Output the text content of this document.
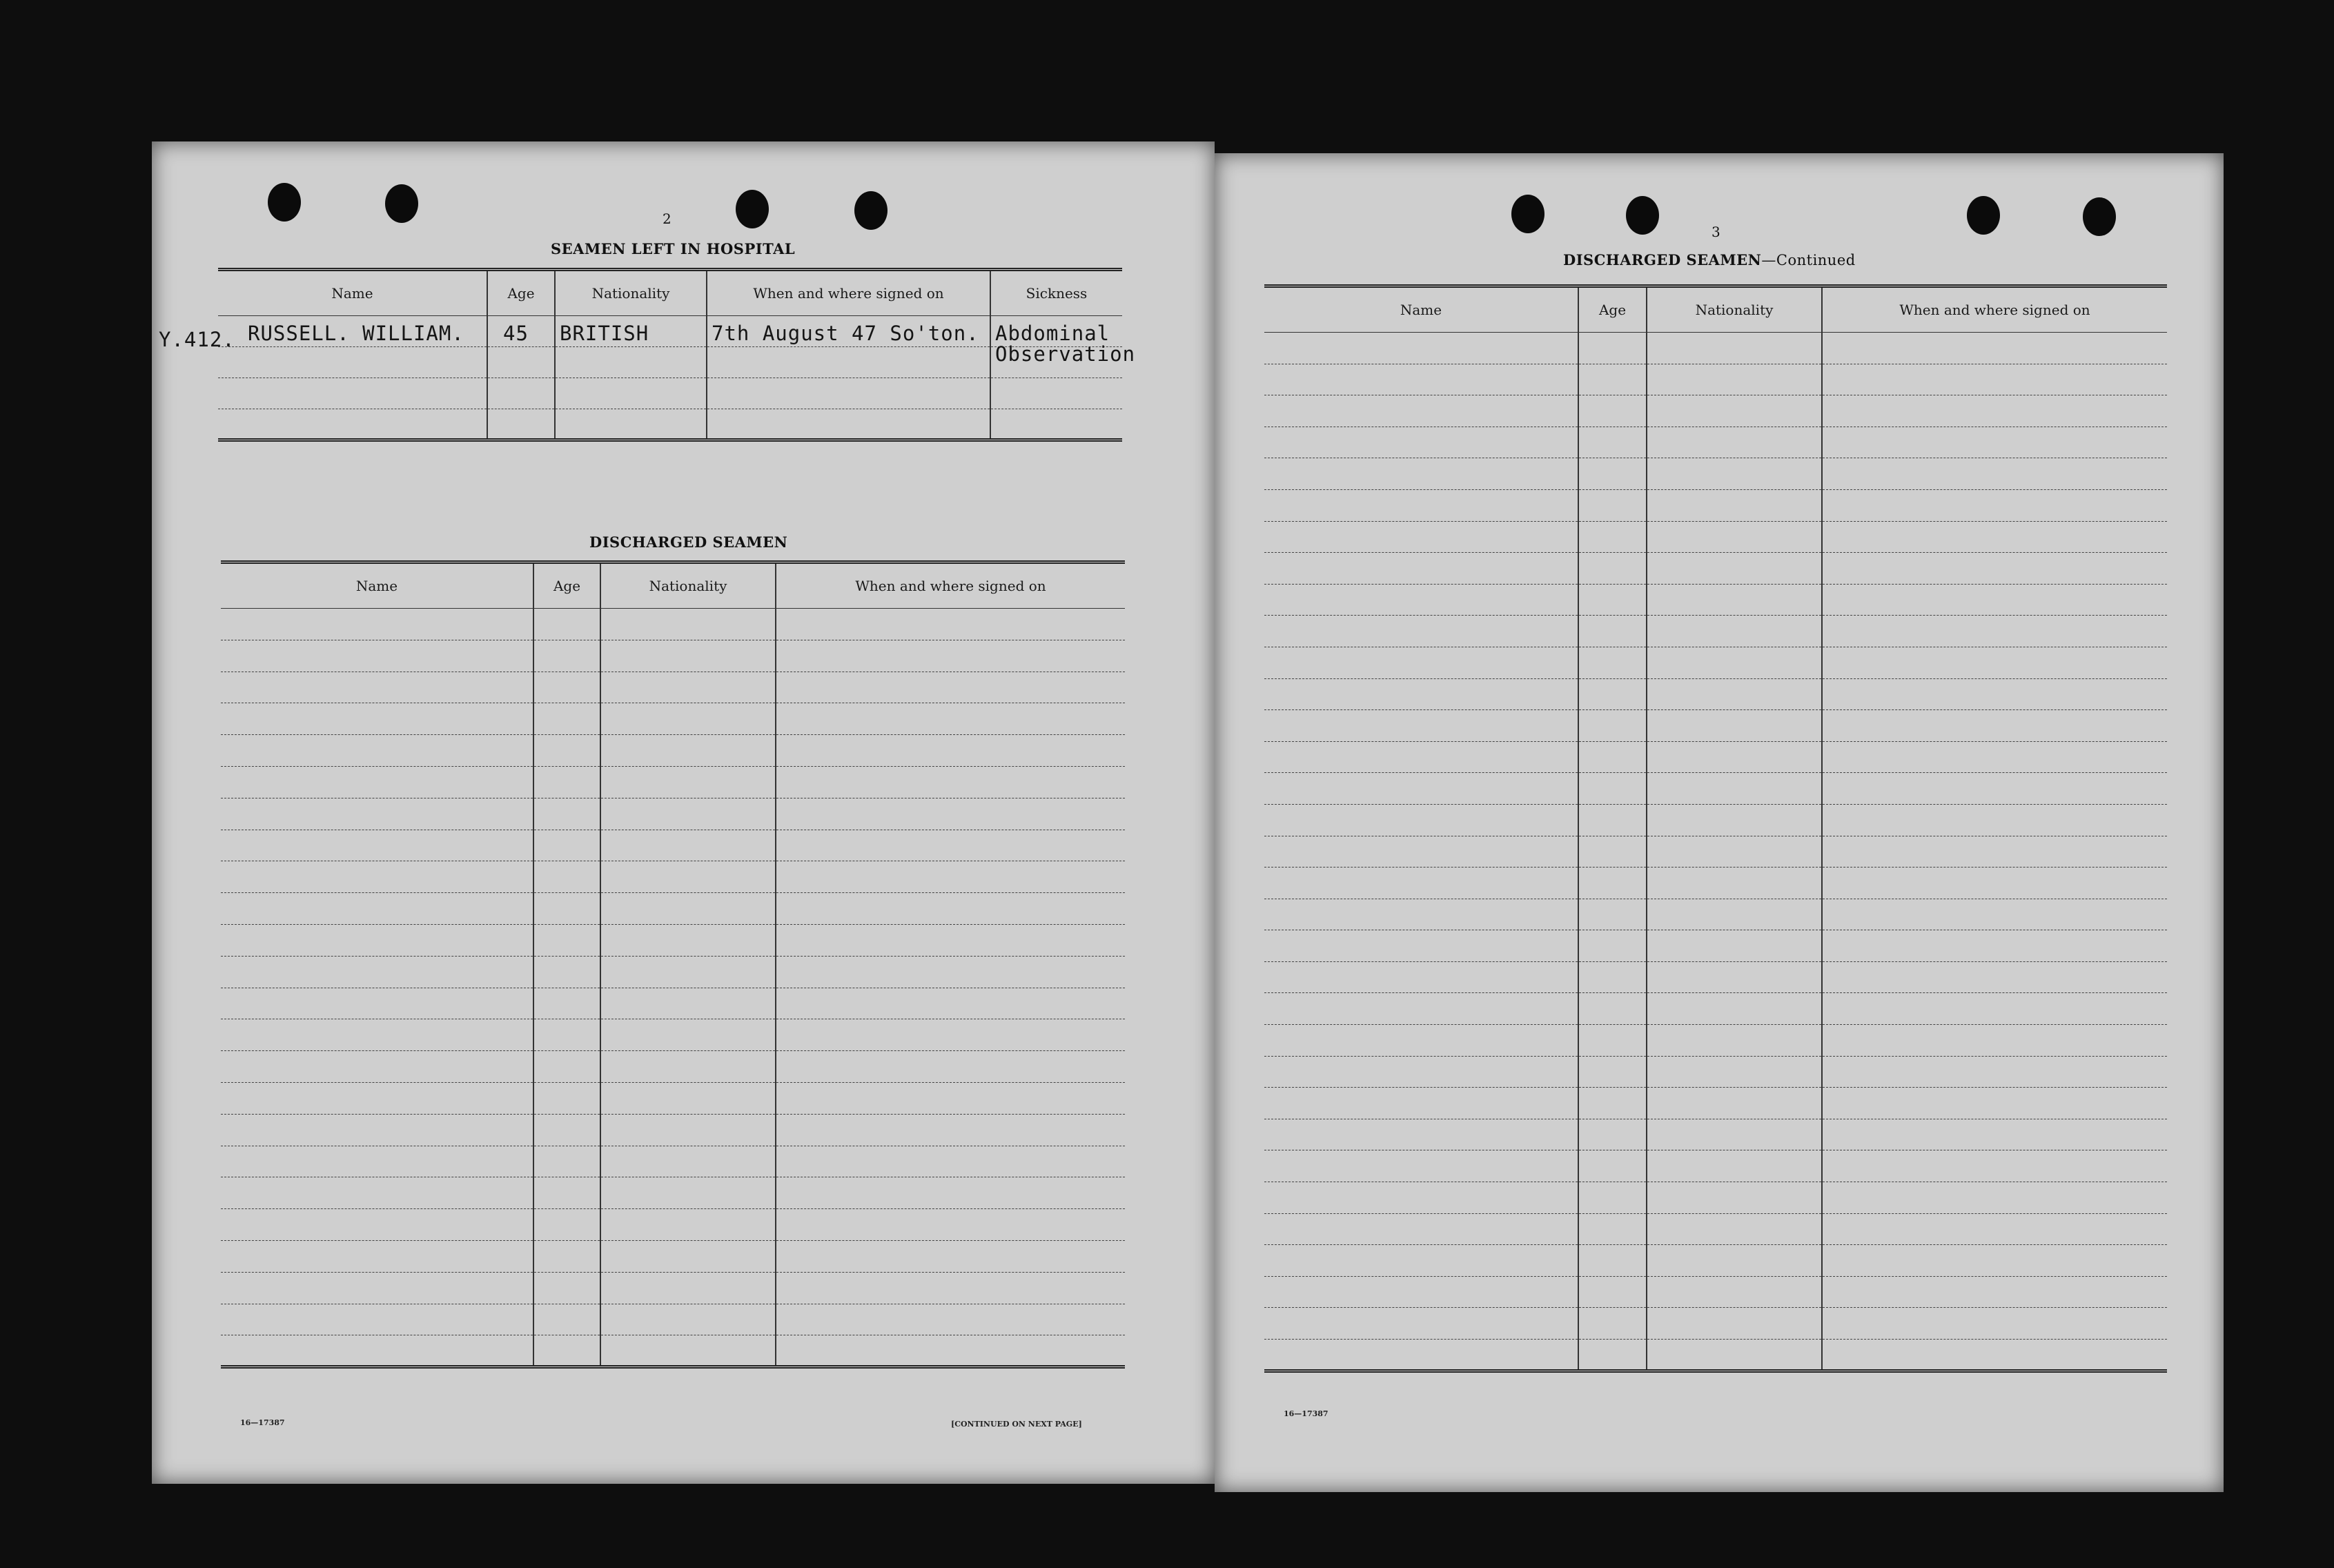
2
SEAMEN LEFT IN HOSPITAL
Y.412.
Name	Age	Nationality	When and where signed on	Sickness
RUSSELL. WILLIAM.	45	BRITISH	7th August 47 So'ton.	Abdominal
				Observation

DISCHARGED SEAMEN
Name	Age	Nationality	When and where signed on

16—17387	[CONTINUED ON NEXT PAGE]
3
DISCHARGED SEAMEN—Continued
Name	Age	Nationality	When and where signed on

16—17387
